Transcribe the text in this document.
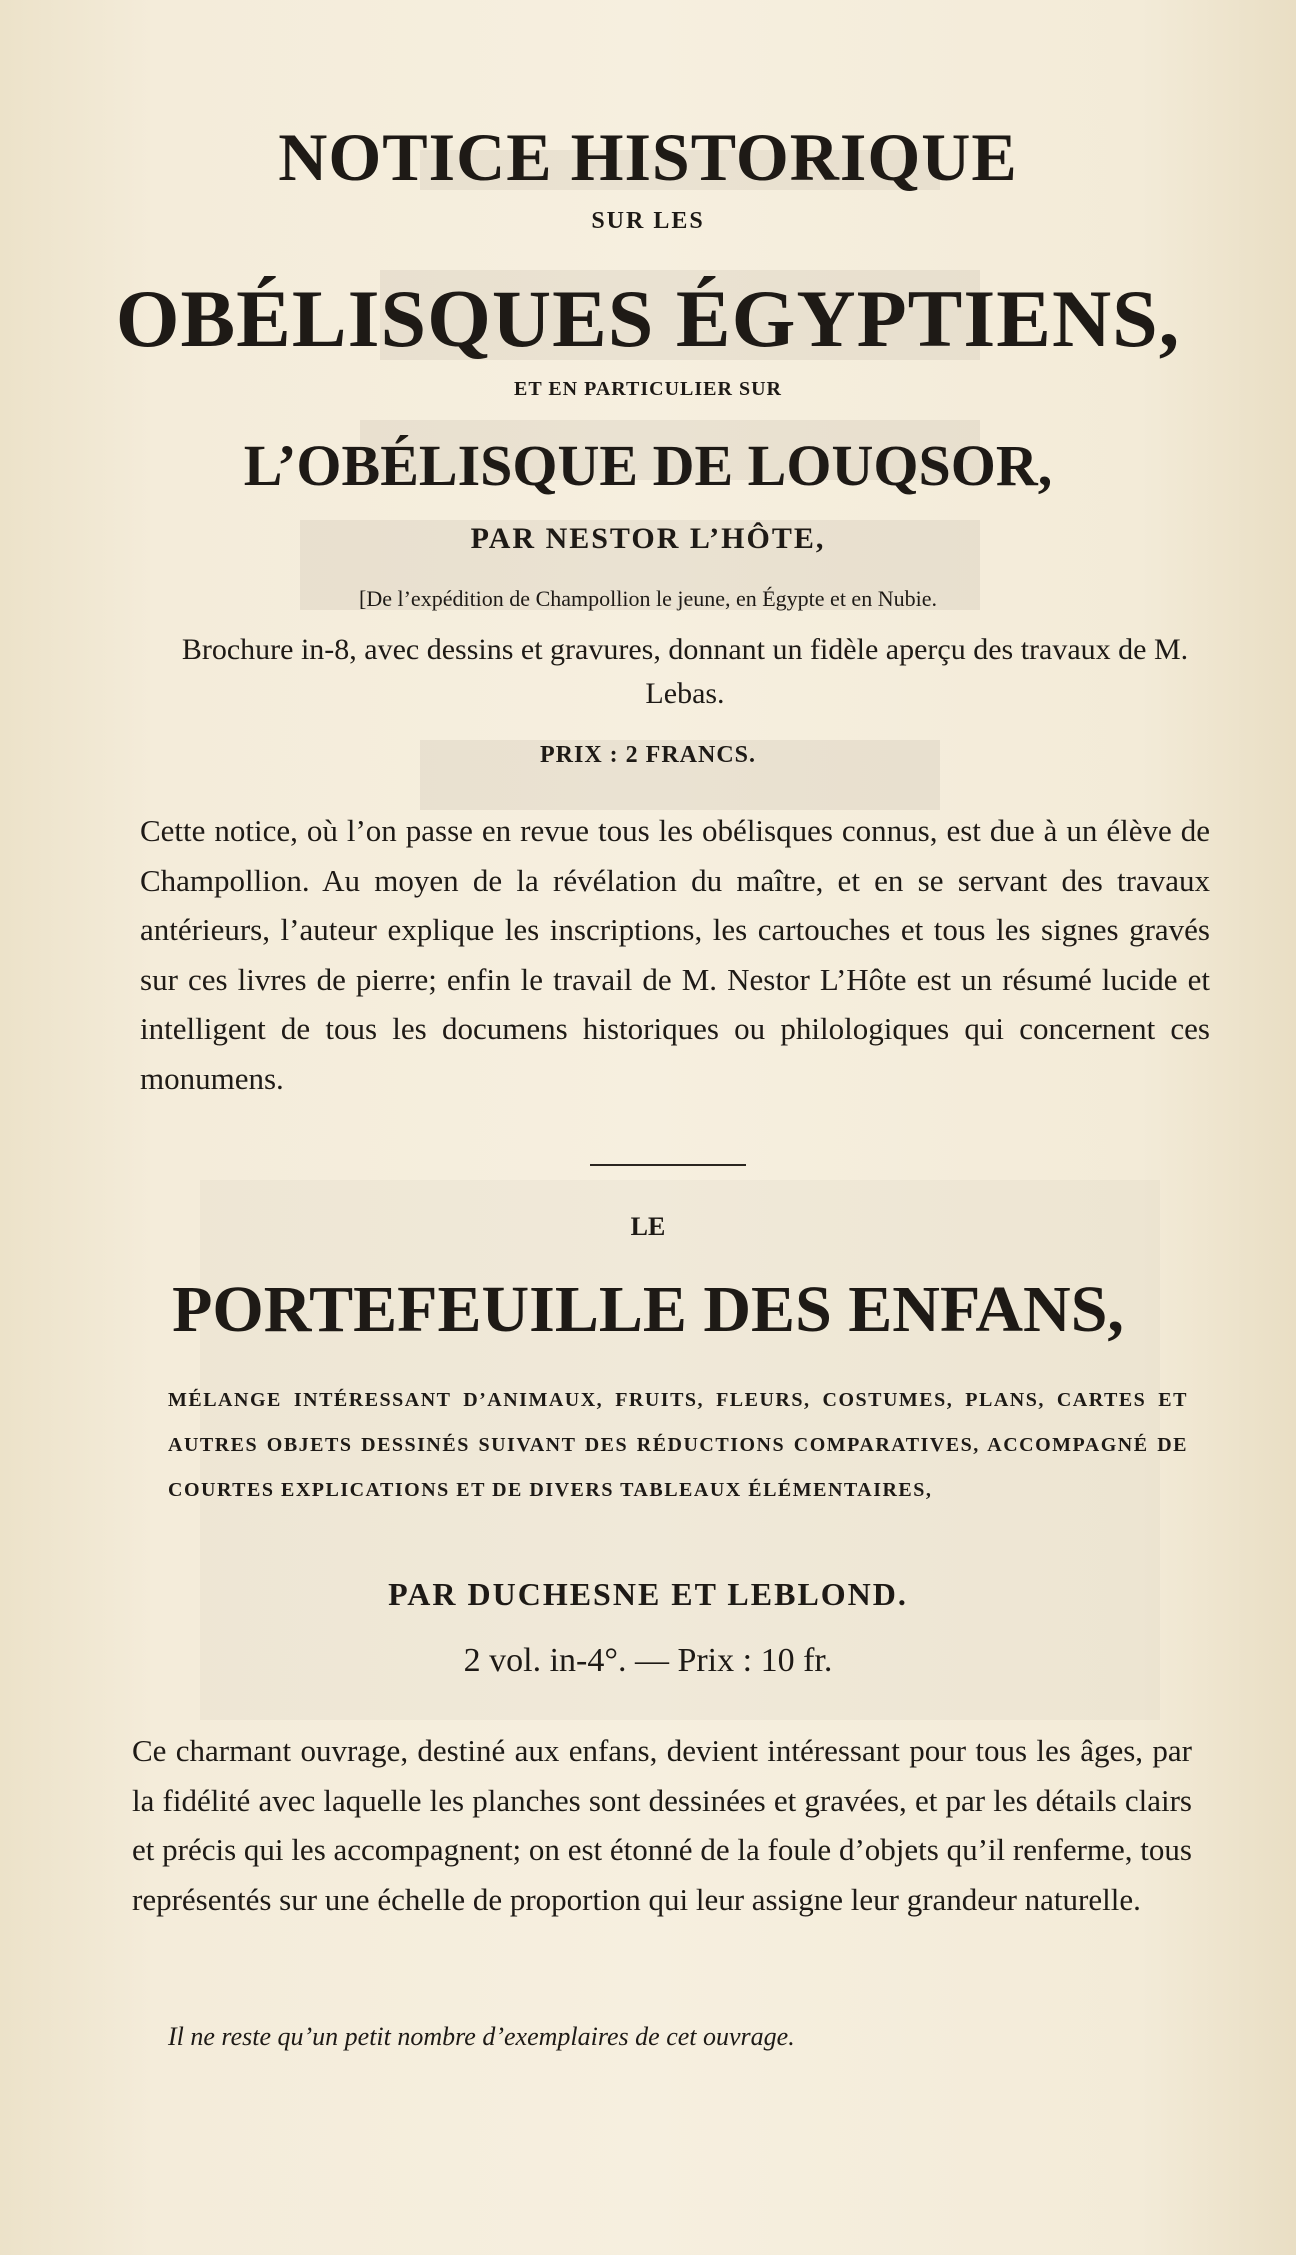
NOTICE HISTORIQUE
SUR LES
OBÉLISQUES ÉGYPTIENS,
ET EN PARTICULIER SUR
L’OBÉLISQUE DE LOUQSOR,
PAR NESTOR L’HÔTE,
[De l’expédition de Champollion le jeune, en Égypte et en Nubie.
Brochure in-8, avec dessins et gravures, donnant un fidèle aperçu des travaux de M. Lebas.
PRIX : 2 FRANCS.
Cette notice, où l’on passe en revue tous les obélisques connus, est due à un élève de Champollion. Au moyen de la révélation du maître, et en se servant des travaux antérieurs, l’auteur explique les inscriptions, les cartouches et tous les signes gravés sur ces livres de pierre; enfin le travail de M. Nestor L’Hôte est un résumé lucide et intelligent de tous les documens historiques ou philologiques qui concernent ces monumens.
LE
PORTEFEUILLE DES ENFANS,
MÉLANGE INTÉRESSANT D’ANIMAUX, FRUITS, FLEURS, COSTUMES, PLANS, CARTES ET AUTRES OBJETS DESSINÉS SUIVANT DES RÉDUCTIONS COMPARATIVES, ACCOMPAGNÉ DE COURTES EXPLICATIONS ET DE DIVERS TABLEAUX ÉLÉMENTAIRES,
PAR DUCHESNE ET LEBLOND.
2 vol. in-4°. — Prix : 10 fr.
Ce charmant ouvrage, destiné aux enfans, devient intéressant pour tous les âges, par la fidélité avec laquelle les planches sont dessinées et gravées, et par les détails clairs et précis qui les accompagnent; on est étonné de la foule d’objets qu’il renferme, tous représentés sur une échelle de proportion qui leur assigne leur grandeur naturelle.
Il ne reste qu’un petit nombre d’exemplaires de cet ouvrage.
